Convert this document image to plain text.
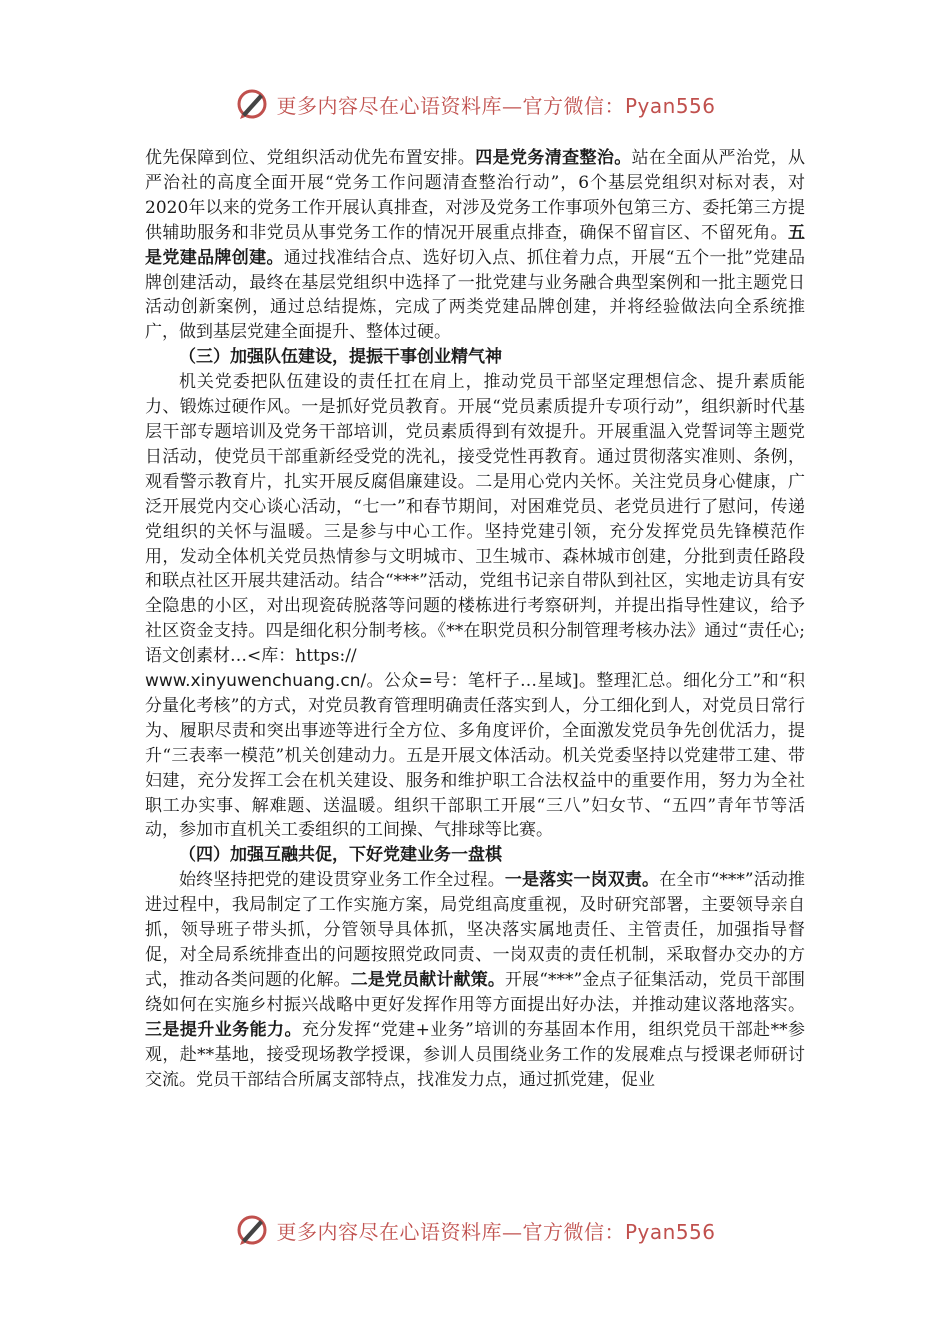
更多内容尽在心语资料库—官方微信：Pyan556

优先保障到位、党组织活动优先布置安排。四是党务清查整治。站在全面从严治党，从严治社的高度全面开展“党务工作问题清查整治行动”，6个基层党组织对标对表，对2020年以来的党务工作开展认真排查，对涉及党务工作事项外包第三方、委托第三方提供辅助服务和非党员从事党务工作的情况开展重点排查，确保不留盲区、不留死角。五是党建品牌创建。通过找准结合点、选好切入点、抓住着力点，开展“五个一批”党建品牌创建活动，最终在基层党组织中选择了一批党建与业务融合典型案例和一批主题党日活动创新案例，通过总结提炼，完成了两类党建品牌创建，并将经验做法向全系统推广，做到基层党建全面提升、整体过硬。

（三）加强队伍建设，提振干事创业精气神

机关党委把队伍建设的责任扛在肩上，推动党员干部坚定理想信念、提升素质能力、锻炼过硬作风。一是抓好党员教育。开展“党员素质提升专项行动”，组织新时代基层干部专题培训及党务干部培训，党员素质得到有效提升。开展重温入党誓词等主题党日活动，使党员干部重新经受党的洗礼，接受党性再教育。通过贯彻落实准则、条例，观看警示教育片，扎实开展反腐倡廉建设。二是用心党内关怀。关注党员身心健康，广泛开展党内交心谈心活动，“七一”和春节期间，对困难党员、老党员进行了慰问，传递党组织的关怀与温暖。三是参与中心工作。坚持党建引领，充分发挥党员先锋模范作用，发动全体机关党员热情参与文明城市、卫生城市、森林城市创建，分批到责任路段和联点社区开展共建活动。结合“***”活动，党组书记亲自带队到社区，实地走访具有安全隐患的小区，对出现瓷砖脱落等问题的楼栋进行考察研判，并提出指导性建议，给予社区资金支持。四是细化积分制考核。《**在职党员积分制管理考核办法》通过“责任心;语文创素材…<库：https://
www.xinyuwenchuang.cn/。公众=号：笔杆子…星域]。整理汇总。细化分工”和“积分量化考核”的方式，对党员教育管理明确责任落实到人，分工细化到人，对党员日常行为、履职尽责和突出事迹等进行全方位、多角度评价，全面激发党员争先创优活力，提升“三表率一模范”机关创建动力。五是开展文体活动。机关党委坚持以党建带工建、带妇建，充分发挥工会在机关建设、服务和维护职工合法权益中的重要作用，努力为全社职工办实事、解难题、送温暖。组织干部职工开展“三八”妇女节、“五四”青年节等活动，参加市直机关工委组织的工间操、气排球等比赛。

（四）加强互融共促，下好党建业务一盘棋

始终坚持把党的建设贯穿业务工作全过程。一是落实一岗双责。在全市“***”活动推进过程中，我局制定了工作实施方案，局党组高度重视，及时研究部署，主要领导亲自抓，领导班子带头抓，分管领导具体抓，坚决落实属地责任、主管责任，加强指导督促，对全局系统排查出的问题按照党政同责、一岗双责的责任机制，采取督办交办的方式，推动各类问题的化解。二是党员献计献策。开展“***”金点子征集活动，党员干部围绕如何在实施乡村振兴战略中更好发挥作用等方面提出好办法，并推动建议落地落实。三是提升业务能力。充分发挥“党建+业务”培训的夯基固本作用，组织党员干部赴**参观，赴**基地，接受现场教学授课，参训人员围绕业务工作的发展难点与授课老师研讨交流。党员干部结合所属支部特点，找准发力点，通过抓党建，促业

更多内容尽在心语资料库—官方微信：Pyan556
